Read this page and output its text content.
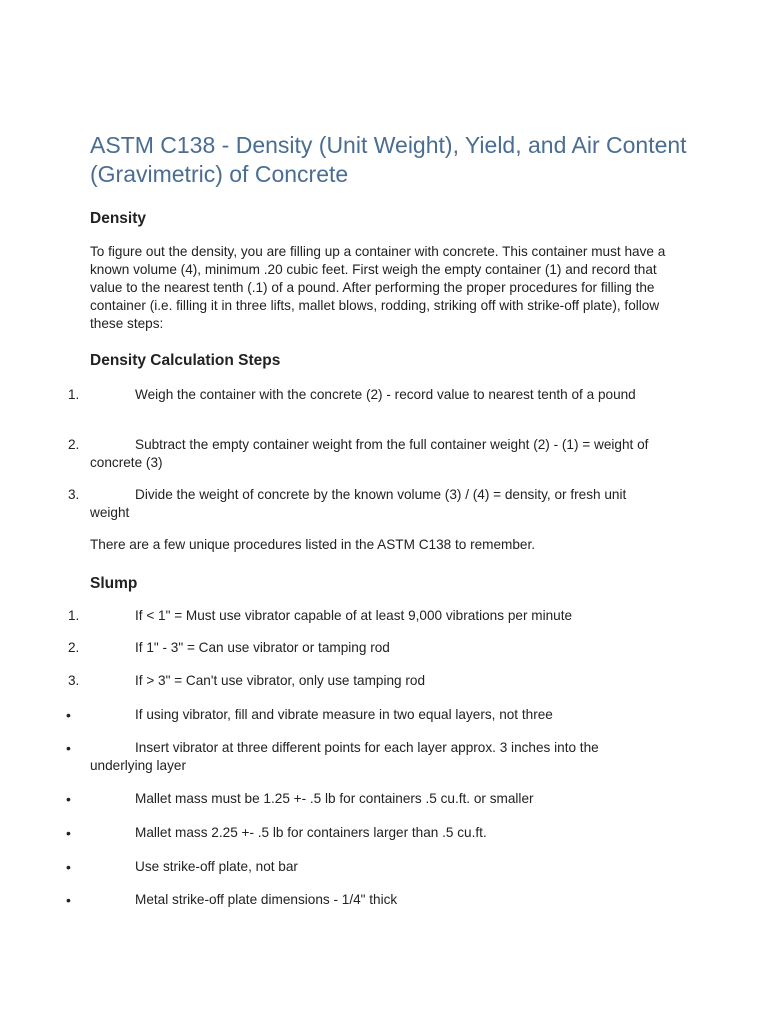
ASTM C138 - Density (Unit Weight), Yield, and Air Content (Gravimetric) of Concrete
Density

To figure out the density, you are filling up a container with concrete. This container must have a known volume (4), minimum .20 cubic feet. First weigh the empty container (1) and record that value to the nearest tenth (.1) of a pound. After performing the proper procedures for filling the container (i.e. filling it in three lifts, mallet blows, rodding, striking off with strike-off plate), follow these steps:

Density Calculation Steps
1.	Weigh the container with the concrete (2) - record value to nearest tenth of a pound
2.	Subtract the empty container weight from the full container weight (2) - (1) = weight of concrete (3)
3.	Divide the weight of concrete by the known volume (3) / (4) = density, or fresh unit weight

There are a few unique procedures listed in the ASTM C138 to remember.

Slump
1.	If < 1" = Must use vibrator capable of at least 9,000 vibrations per minute
2.	If 1" - 3" = Can use vibrator or tamping rod
3.	If > 3" = Can't use vibrator, only use tamping rod
•	If using vibrator, fill and vibrate measure in two equal layers, not three
•	Insert vibrator at three different points for each layer approx. 3 inches into the underlying layer
•	Mallet mass must be 1.25 +- .5 lb for containers .5 cu.ft. or smaller
•	Mallet mass 2.25 +- .5 lb for containers larger than .5 cu.ft.
•	Use strike-off plate, not bar
•	Metal strike-off plate dimensions - 1/4" thick
